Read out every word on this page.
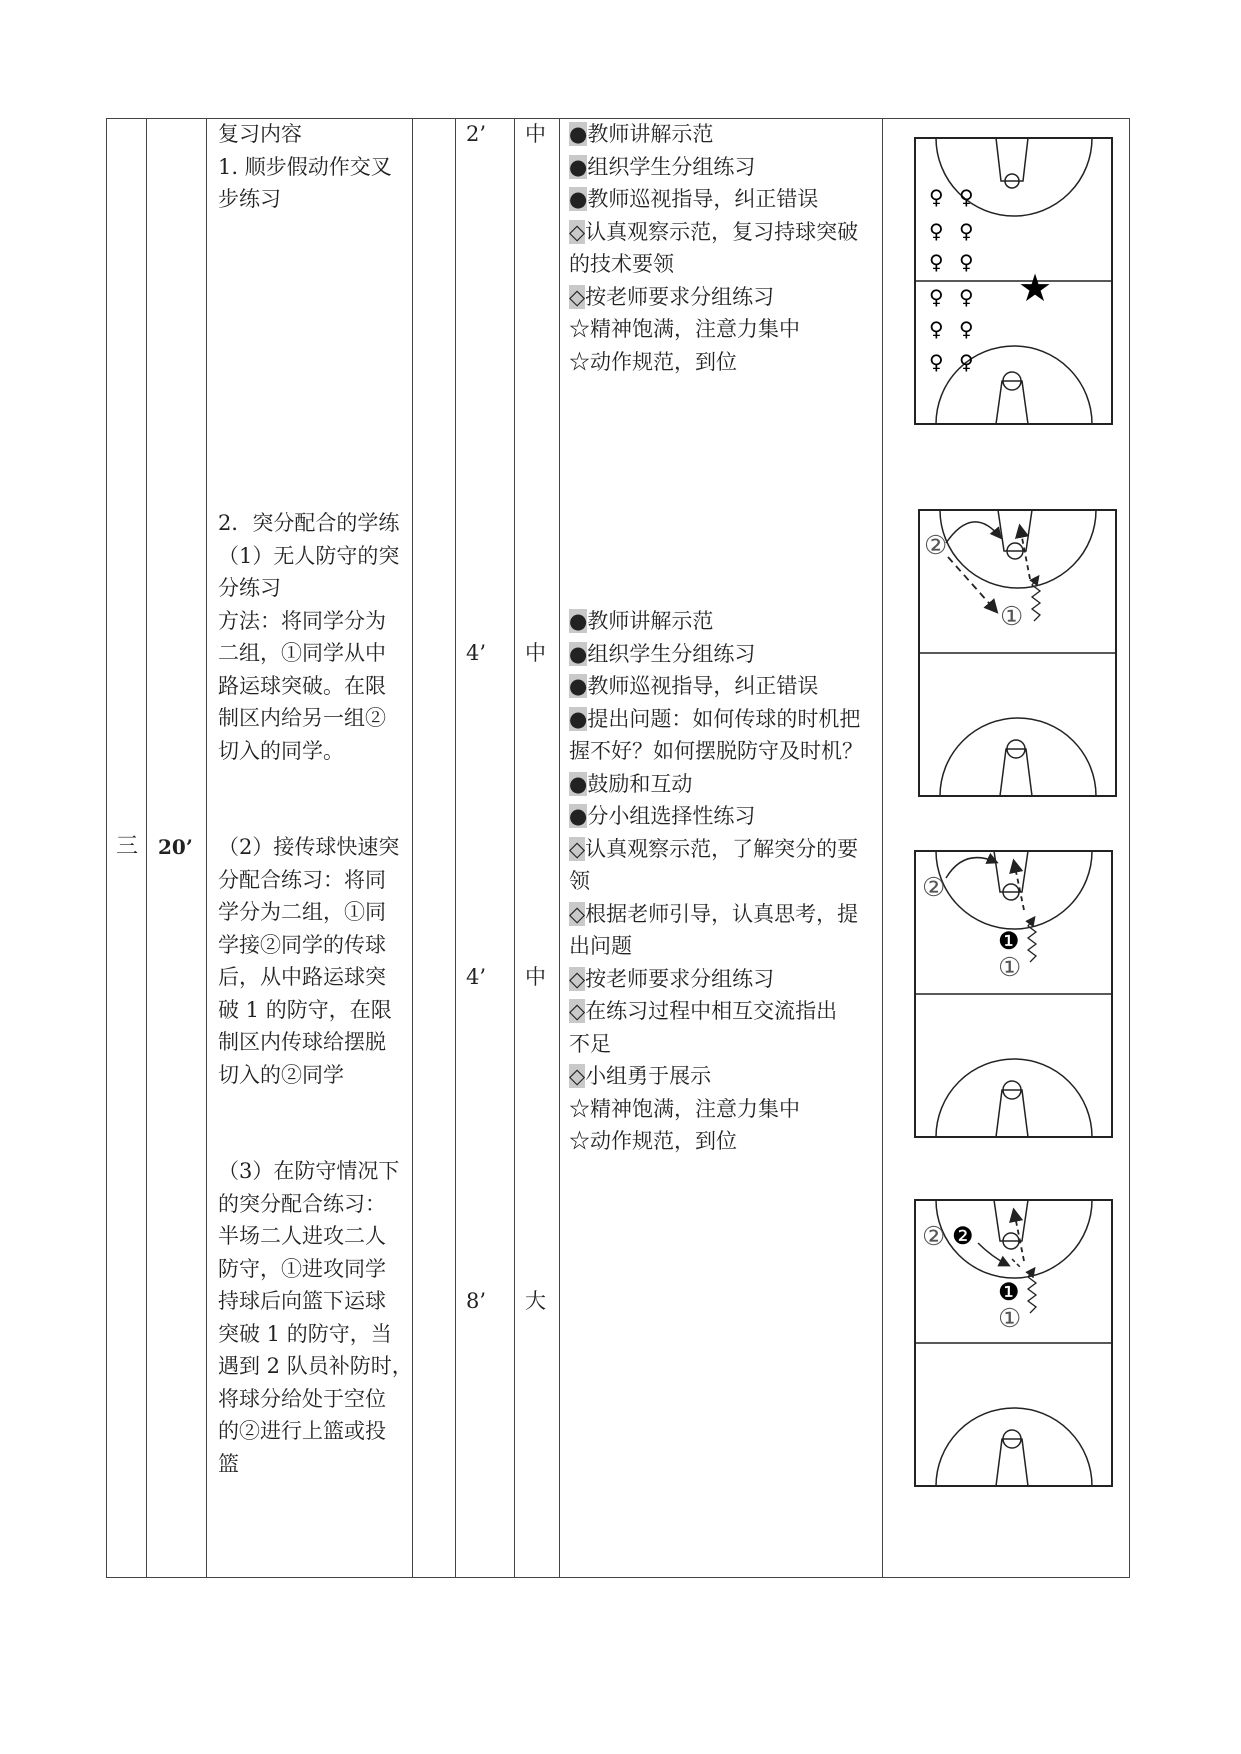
三 20’
复习内容
1. 顺步假动作交叉
步练习
2．突分配合的学练
（1）无人防守的突
分练习
方法：将同学分为
二组，①同学从中
路运球突破。在限
制区内给另一组②
切入的同学。
（2）接传球快速突
分配合练习：将同
学分为二组，①同
学接②同学的传球
后，从中路运球突
破 1 的防守，在限
制区内传球给摆脱
切入的②同学
（3）在防守情况下
的突分配合练习：
半场二人进攻二人
防守，①进攻同学
持球后向篮下运球
突破 1 的防守，当
遇到 2 队员补防时，
将球分给处于空位
的②进行上篮或投
篮
2’
4’
4’
8’
中
中
中
大
●教师讲解示范
●组织学生分组练习
●教师巡视指导，纠正错误
◇认真观察示范，复习持球突破
的技术要领
◇按老师要求分组练习
☆精神饱满，注意力集中
☆动作规范，到位
●教师讲解示范
●组织学生分组练习
●教师巡视指导，纠正错误
●提出问题：如何传球的时机把
握不好？如何摆脱防守及时机？
●鼓励和互动
●分小组选择性练习
◇认真观察示范，了解突分的要
领
◇根据老师引导，认真思考，提
出问题
◇按老师要求分组练习
◇在练习过程中相互交流指出
不足
◇小组勇于展示
☆精神饱满，注意力集中
☆动作规范，到位
♀ ♀
♀ ♀
♀ ♀
♀ ♀
♀ ♀
♀ ♀
★
②
①
②
❶
①
② ❷
❶
①
